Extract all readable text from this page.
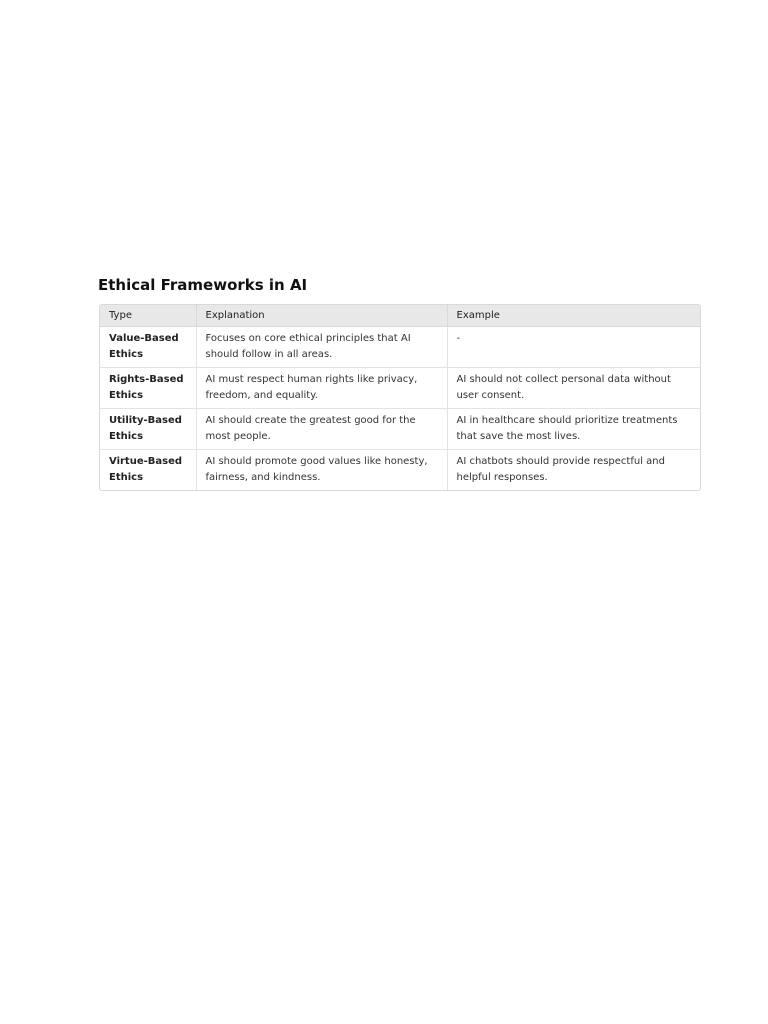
Ethical Frameworks in AI
Type	Explanation	Example
Value-Based Ethics	Focuses on core ethical principles that AI should follow in all areas.	-
Rights-Based Ethics	AI must respect human rights like privacy, freedom, and equality.	AI should not collect personal data without user consent.
Utility-Based Ethics	AI should create the greatest good for the most people.	AI in healthcare should prioritize treatments that save the most lives.
Virtue-Based Ethics	AI should promote good values like honesty, fairness, and kindness.	AI chatbots should provide respectful and helpful responses.
